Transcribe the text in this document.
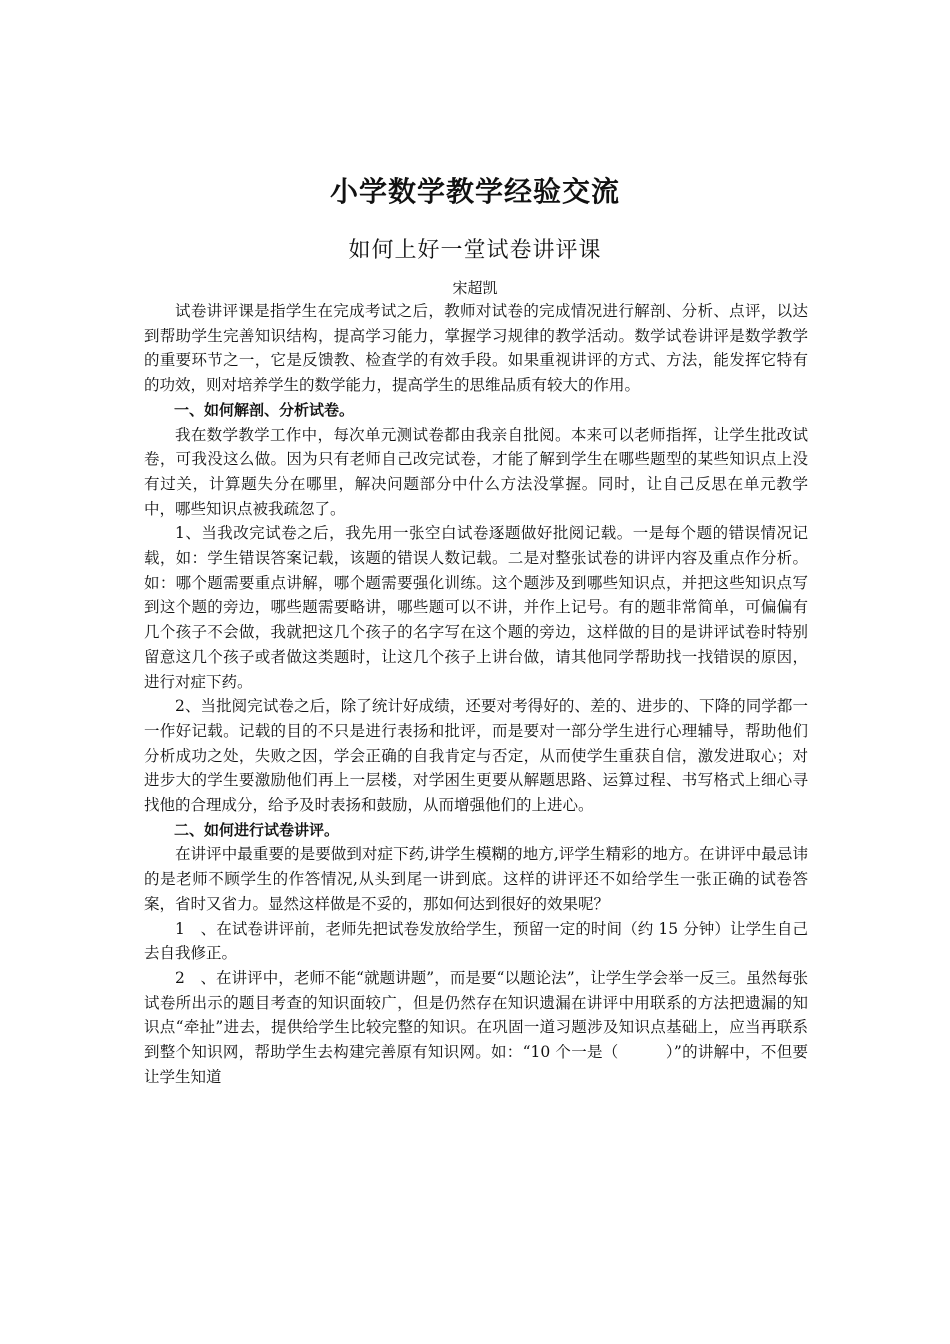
小学数学教学经验交流
如何上好一堂试卷讲评课
宋超凯

试卷讲评课是指学生在完成考试之后，教师对试卷的完成情况进行解剖、分析、点评，以达到帮助学生完善知识结构，提高学习能力，掌握学习规律的教学活动。数学试卷讲评是数学教学的重要环节之一，它是反馈教、检查学的有效手段。如果重视讲评的方式、方法，能发挥它特有的功效，则对培养学生的数学能力，提高学生的思维品质有较大的作用。

一、如何解剖、分析试卷。

我在数学教学工作中，每次单元测试卷都由我亲自批阅。本来可以老师指挥，让学生批改试卷，可我没这么做。因为只有老师自己改完试卷，才能了解到学生在哪些题型的某些知识点上没有过关，计算题失分在哪里，解决问题部分中什么方法没掌握。同时，让自己反思在单元教学中，哪些知识点被我疏忽了。

1、当我改完试卷之后，我先用一张空白试卷逐题做好批阅记载。一是每个题的错误情况记载，如：学生错误答案记载，该题的错误人数记载。二是对整张试卷的讲评内容及重点作分析。如：哪个题需要重点讲解，哪个题需要强化训练。这个题涉及到哪些知识点，并把这些知识点写到这个题的旁边，哪些题需要略讲，哪些题可以不讲，并作上记号。有的题非常简单，可偏偏有几个孩子不会做，我就把这几个孩子的名字写在这个题的旁边，这样做的目的是讲评试卷时特别留意这几个孩子或者做这类题时，让这几个孩子上讲台做，请其他同学帮助找一找错误的原因，进行对症下药。

2、当批阅完试卷之后，除了统计好成绩，还要对考得好的、差的、进步的、下降的同学都一一作好记载。记载的目的不只是进行表扬和批评，而是要对一部分学生进行心理辅导，帮助他们分析成功之处，失败之因，学会正确的自我肯定与否定，从而使学生重获自信，激发进取心；对进步大的学生要激励他们再上一层楼，对学困生更要从解题思路、运算过程、书写格式上细心寻找他的合理成分，给予及时表扬和鼓励，从而增强他们的上进心。

二、如何进行试卷讲评。

在讲评中最重要的是要做到对症下药,讲学生模糊的地方,评学生精彩的地方。在讲评中最忌讳的是老师不顾学生的作答情况,从头到尾一讲到底。这样的讲评还不如给学生一张正确的试卷答案，省时又省力。显然这样做是不妥的，那如何达到很好的效果呢？

1　、在试卷讲评前，老师先把试卷发放给学生，预留一定的时间（约 15 分钟）让学生自己去自我修正。

2　、在讲评中，老师不能“就题讲题”，而是要“以题论法”，让学生学会举一反三。虽然每张试卷所出示的题目考查的知识面较广，但是仍然存在知识遗漏在讲评中用联系的方法把遗漏的知识点“牵扯”进去，提供给学生比较完整的知识。在巩固一道习题涉及知识点基础上，应当再联系到整个知识网，帮助学生去构建完善原有知识网。如：“10 个一是（　　　）”的讲解中，不但要让学生知道
